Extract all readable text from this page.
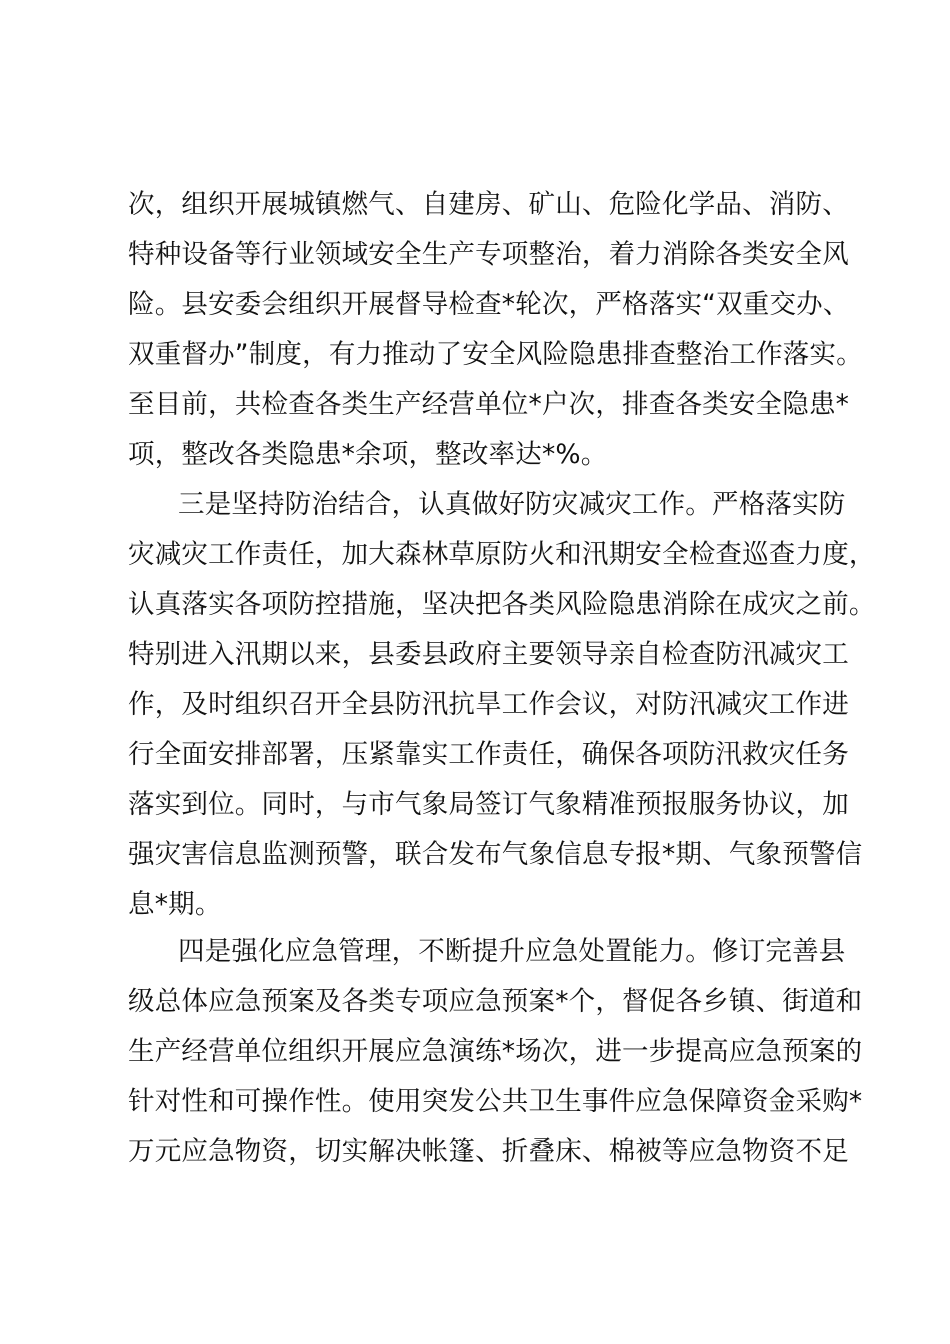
次，组织开展城镇燃气、自建房、矿山、危险化学品、消防、
特种设备等行业领域安全生产专项整治，着力消除各类安全风
险。县安委会组织开展督导检查*轮次，严格落实“双重交办、
双重督办”制度，有力推动了安全风险隐患排查整治工作落实。
至目前，共检查各类生产经营单位*户次，排查各类安全隐患*
项，整改各类隐患*余项，整改率达*%。
三是坚持防治结合，认真做好防灾减灾工作。严格落实防
灾减灾工作责任，加大森林草原防火和汛期安全检查巡查力度，
认真落实各项防控措施，坚决把各类风险隐患消除在成灾之前。
特别进入汛期以来，县委县政府主要领导亲自检查防汛减灾工
作，及时组织召开全县防汛抗旱工作会议，对防汛减灾工作进
行全面安排部署，压紧靠实工作责任，确保各项防汛救灾任务
落实到位。同时，与市气象局签订气象精准预报服务协议，加
强灾害信息监测预警，联合发布气象信息专报*期、气象预警信
息*期。
四是强化应急管理，不断提升应急处置能力。修订完善县
级总体应急预案及各类专项应急预案*个，督促各乡镇、街道和
生产经营单位组织开展应急演练*场次，进一步提高应急预案的
针对性和可操作性。使用突发公共卫生事件应急保障资金采购*
万元应急物资，切实解决帐篷、折叠床、棉被等应急物资不足
